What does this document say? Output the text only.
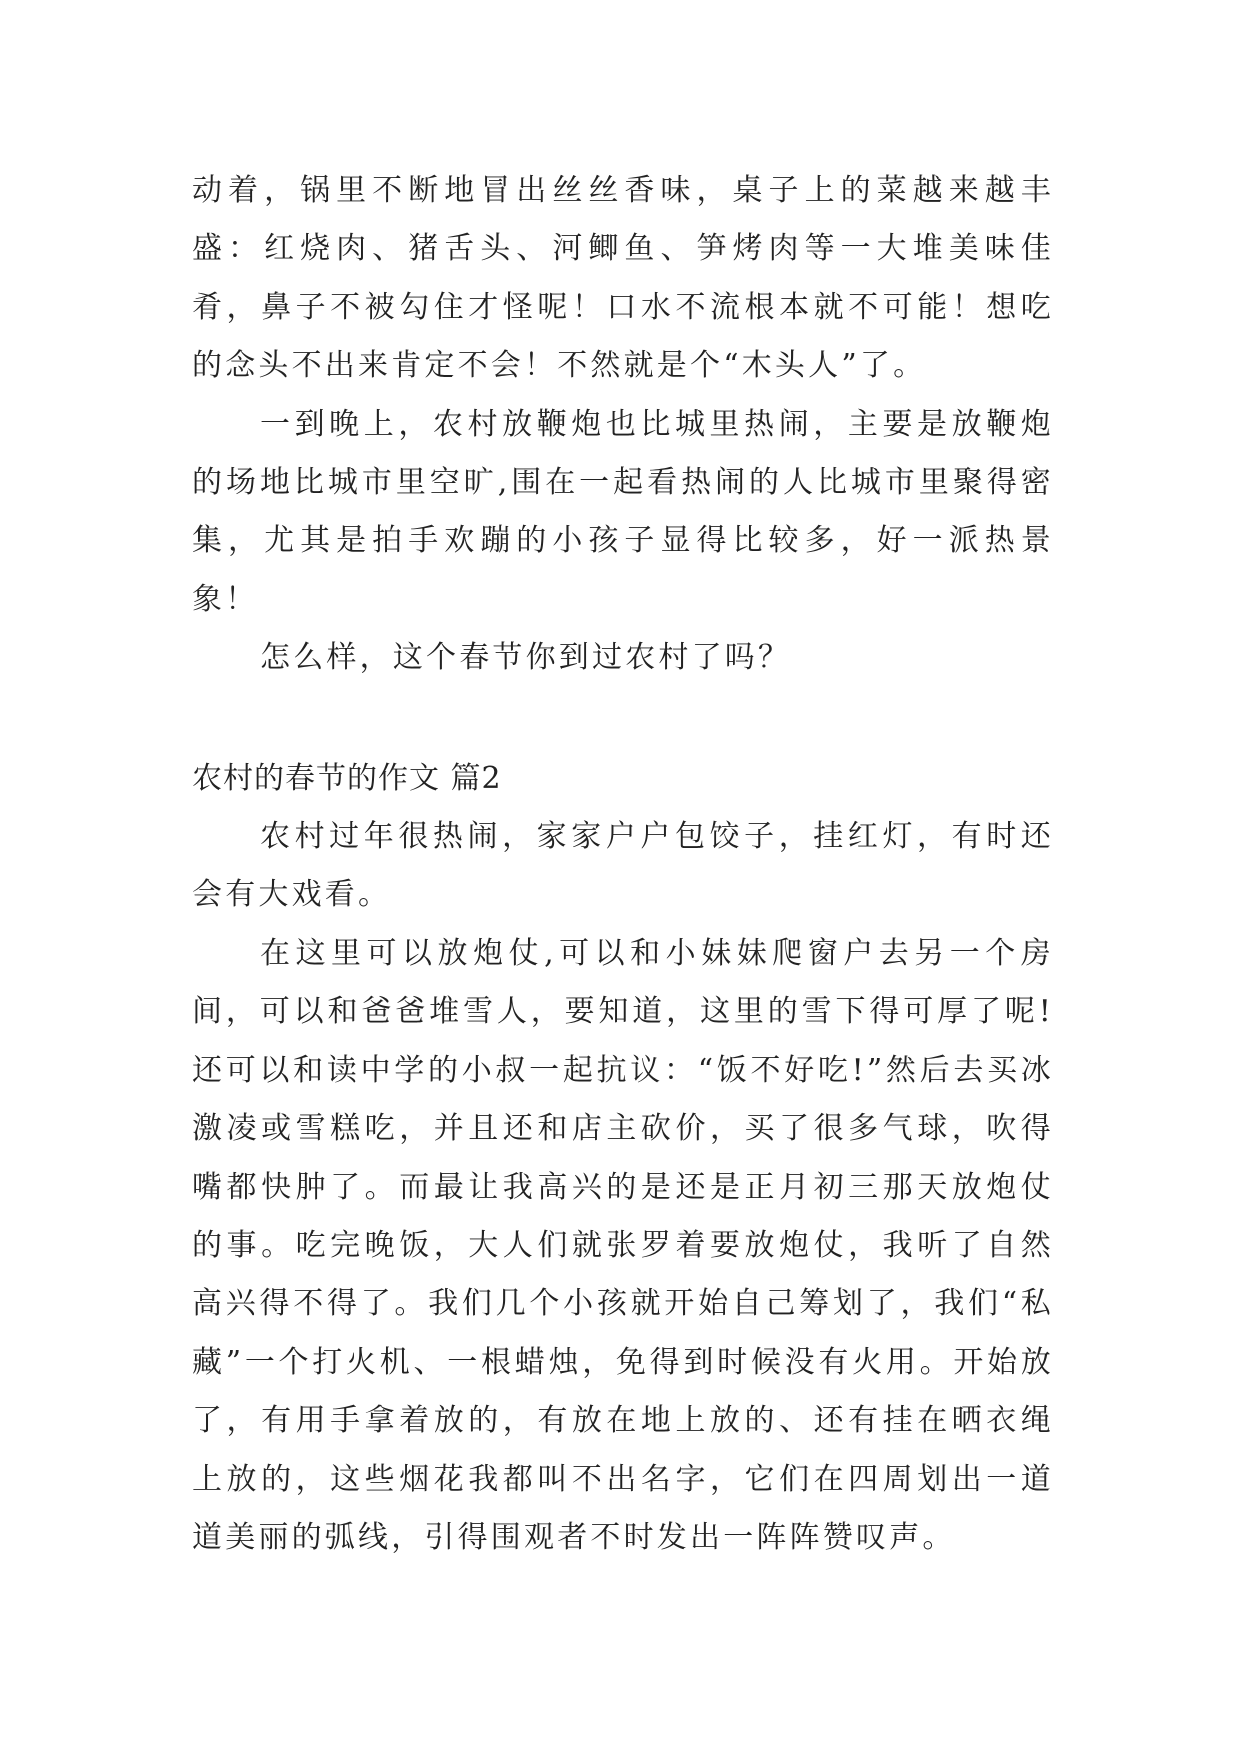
动着，锅里不断地冒出丝丝香味，桌子上的菜越来越丰盛：红烧肉、猪舌头、河鲫鱼、笋烤肉等一大堆美味佳肴，鼻子不被勾住才怪呢！口水不流根本就不可能！想吃的念头不出来肯定不会！不然就是个“木头人”了。

一到晚上，农村放鞭炮也比城里热闹，主要是放鞭炮的场地比城市里空旷,围在一起看热闹的人比城市里聚得密集，尤其是拍手欢蹦的小孩子显得比较多，好一派热景象！

怎么样，这个春节你到过农村了吗？

农村的春节的作文 篇2

农村过年很热闹，家家户户包饺子，挂红灯，有时还会有大戏看。

在这里可以放炮仗,可以和小妹妹爬窗户去另一个房间，可以和爸爸堆雪人，要知道，这里的雪下得可厚了呢!还可以和读中学的小叔一起抗议：“饭不好吃!”然后去买冰激凌或雪糕吃，并且还和店主砍价，买了很多气球，吹得嘴都快肿了。而最让我高兴的是还是正月初三那天放炮仗的事。吃完晚饭，大人们就张罗着要放炮仗，我听了自然高兴得不得了。我们几个小孩就开始自己筹划了，我们“私藏”一个打火机、一根蜡烛，免得到时候没有火用。开始放了，有用手拿着放的，有放在地上放的、还有挂在晒衣绳上放的，这些烟花我都叫不出名字，它们在四周划出一道道美丽的弧线，引得围观者不时发出一阵阵赞叹声。
